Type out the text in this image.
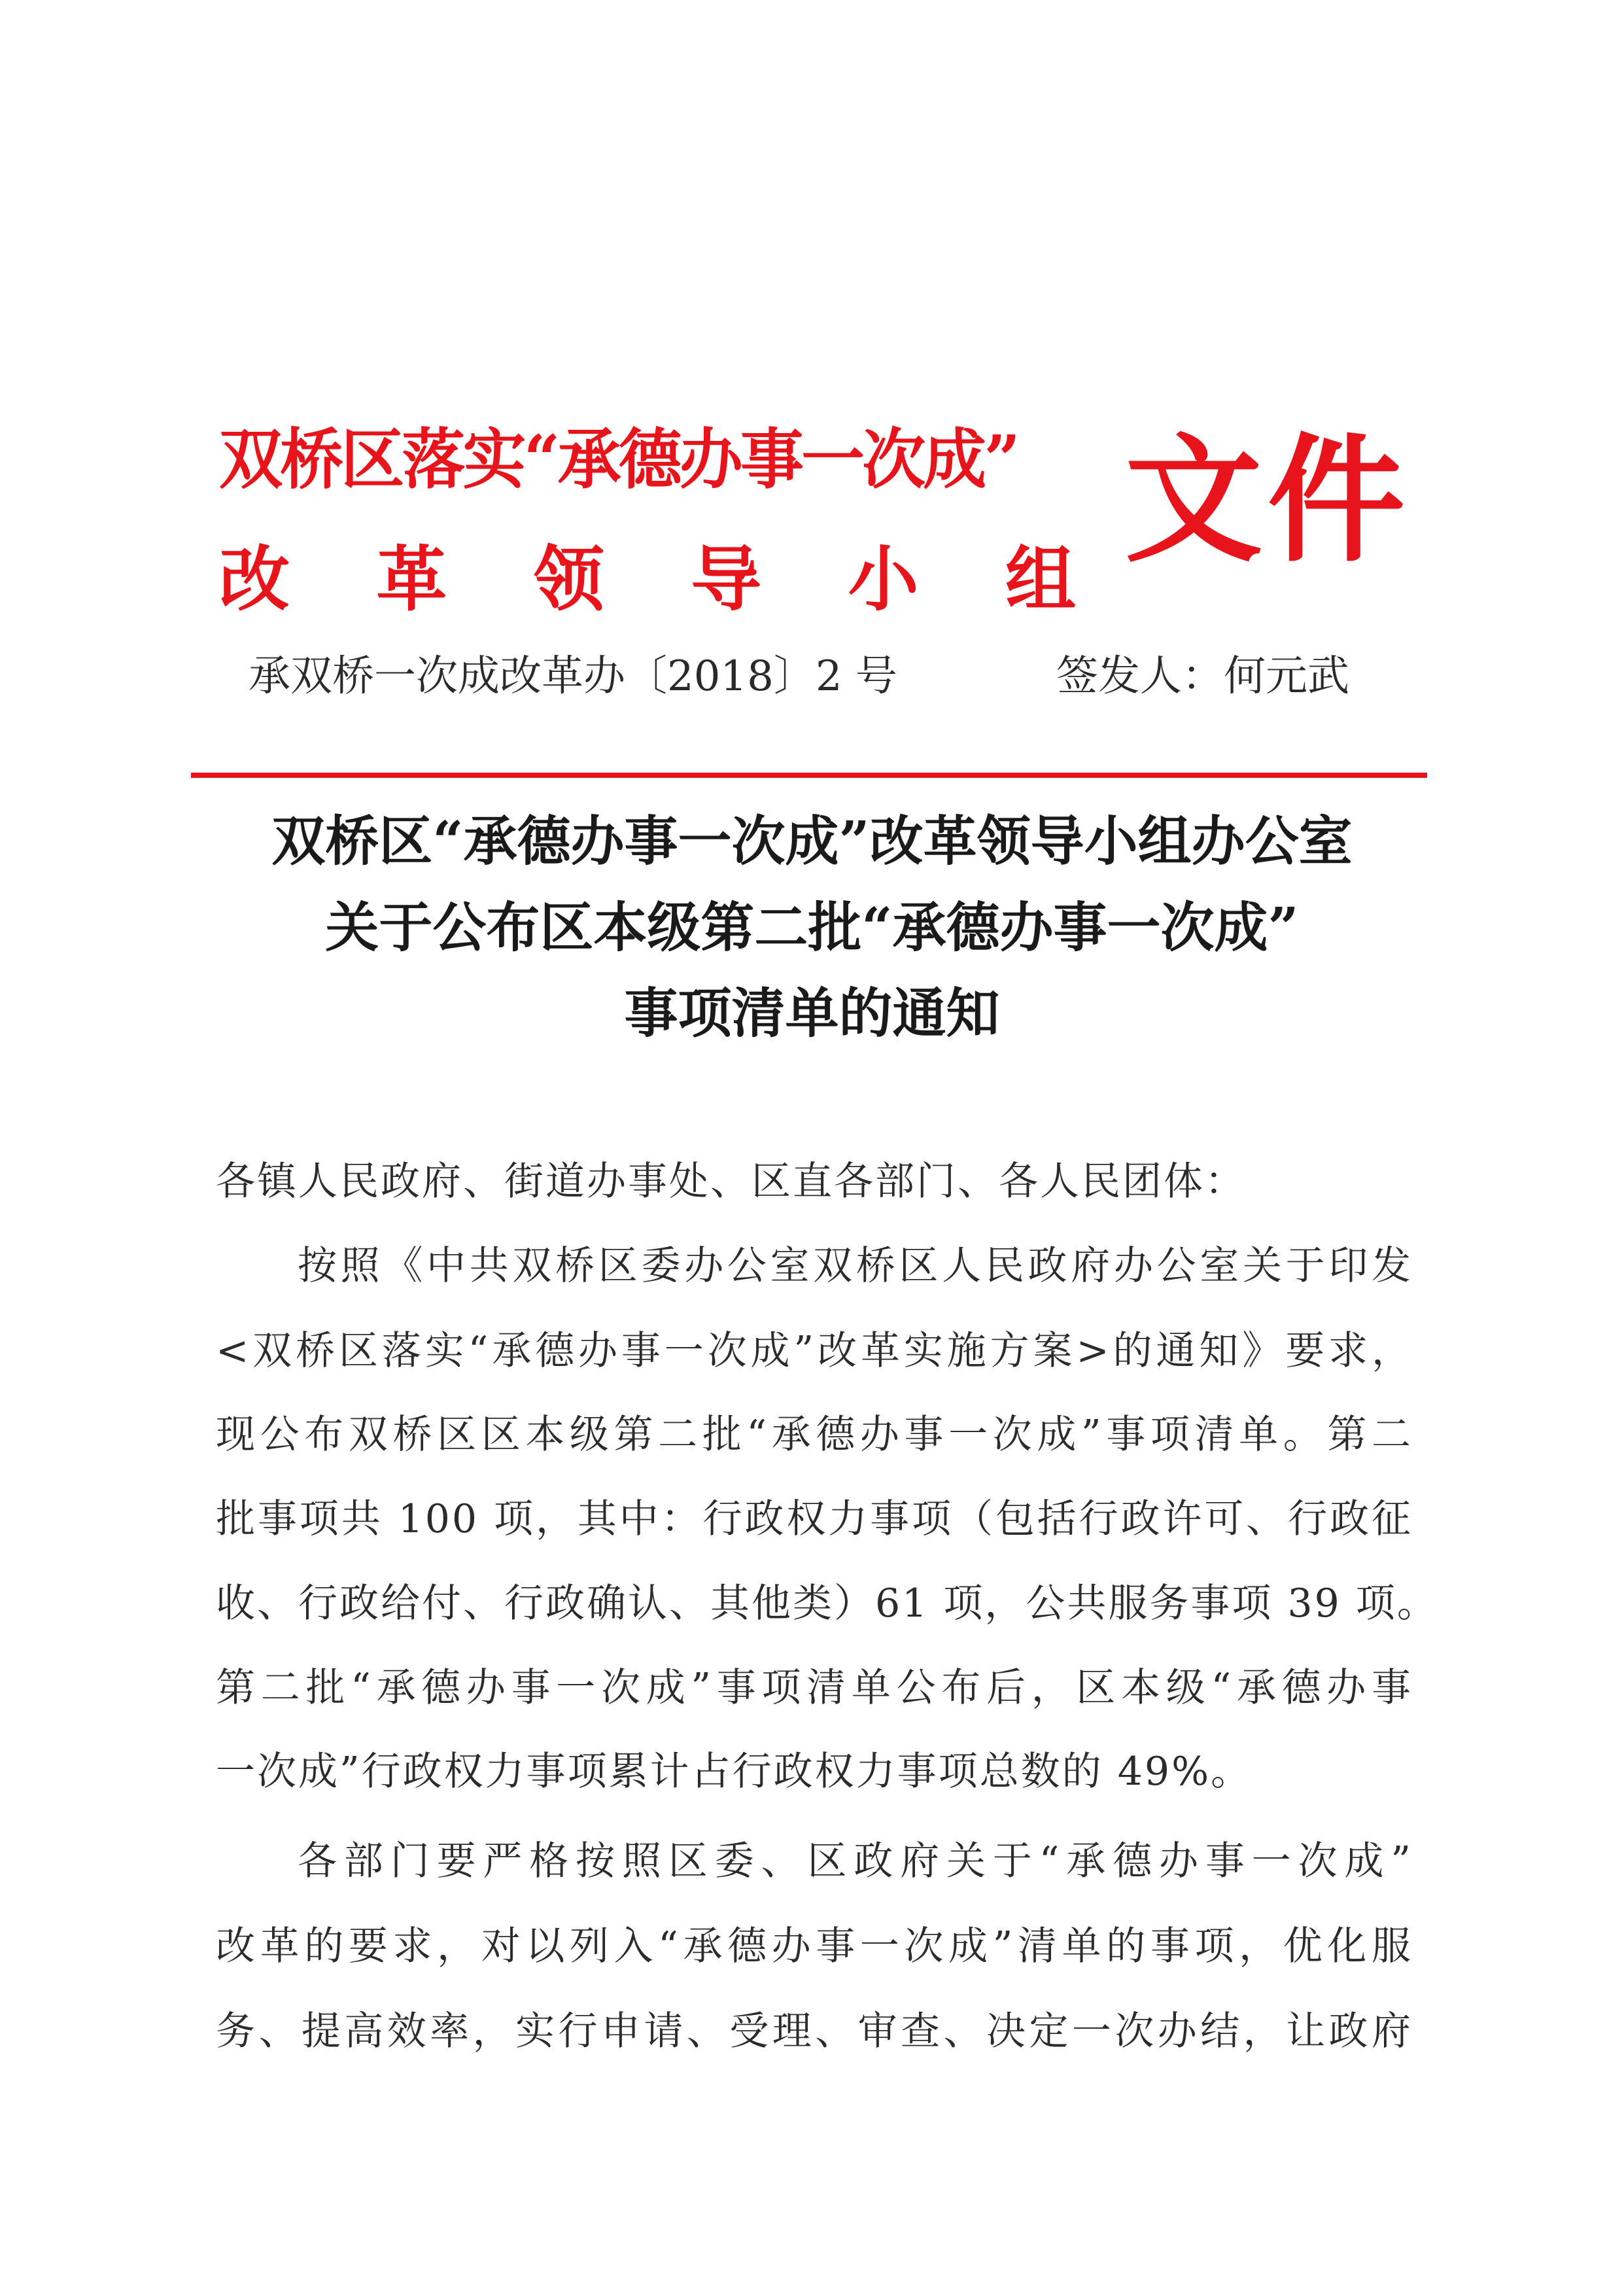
双桥区落实“承德办事一次成”
改 革 领 导 小 组 文件
承双桥一次成改革办〔2018〕2 号	签发人：何元武
双桥区“承德办事一次成”改革领导小组办公室
关于公布区本级第二批“承德办事一次成”
事项清单的通知
各镇人民政府、街道办事处、区直各部门、各人民团体：
按照《中共双桥区委办公室双桥区人民政府办公室关于印发
<双桥区落实“承德办事一次成”改革实施方案>的通知》要求，
现公布双桥区区本级第二批“承德办事一次成”事项清单。第二
批事项共 100 项，其中：行政权力事项（包括行政许可、行政征
收、行政给付、行政确认、其他类）61 项，公共服务事项 39 项。
第二批“承德办事一次成”事项清单公布后，区本级“承德办事
一次成”行政权力事项累计占行政权力事项总数的 49%。
各部门要严格按照区委、区政府关于“承德办事一次成”
改革的要求，对以列入“承德办事一次成”清单的事项，优化服
务、提高效率，实行申请、受理、审查、决定一次办结，让政府
